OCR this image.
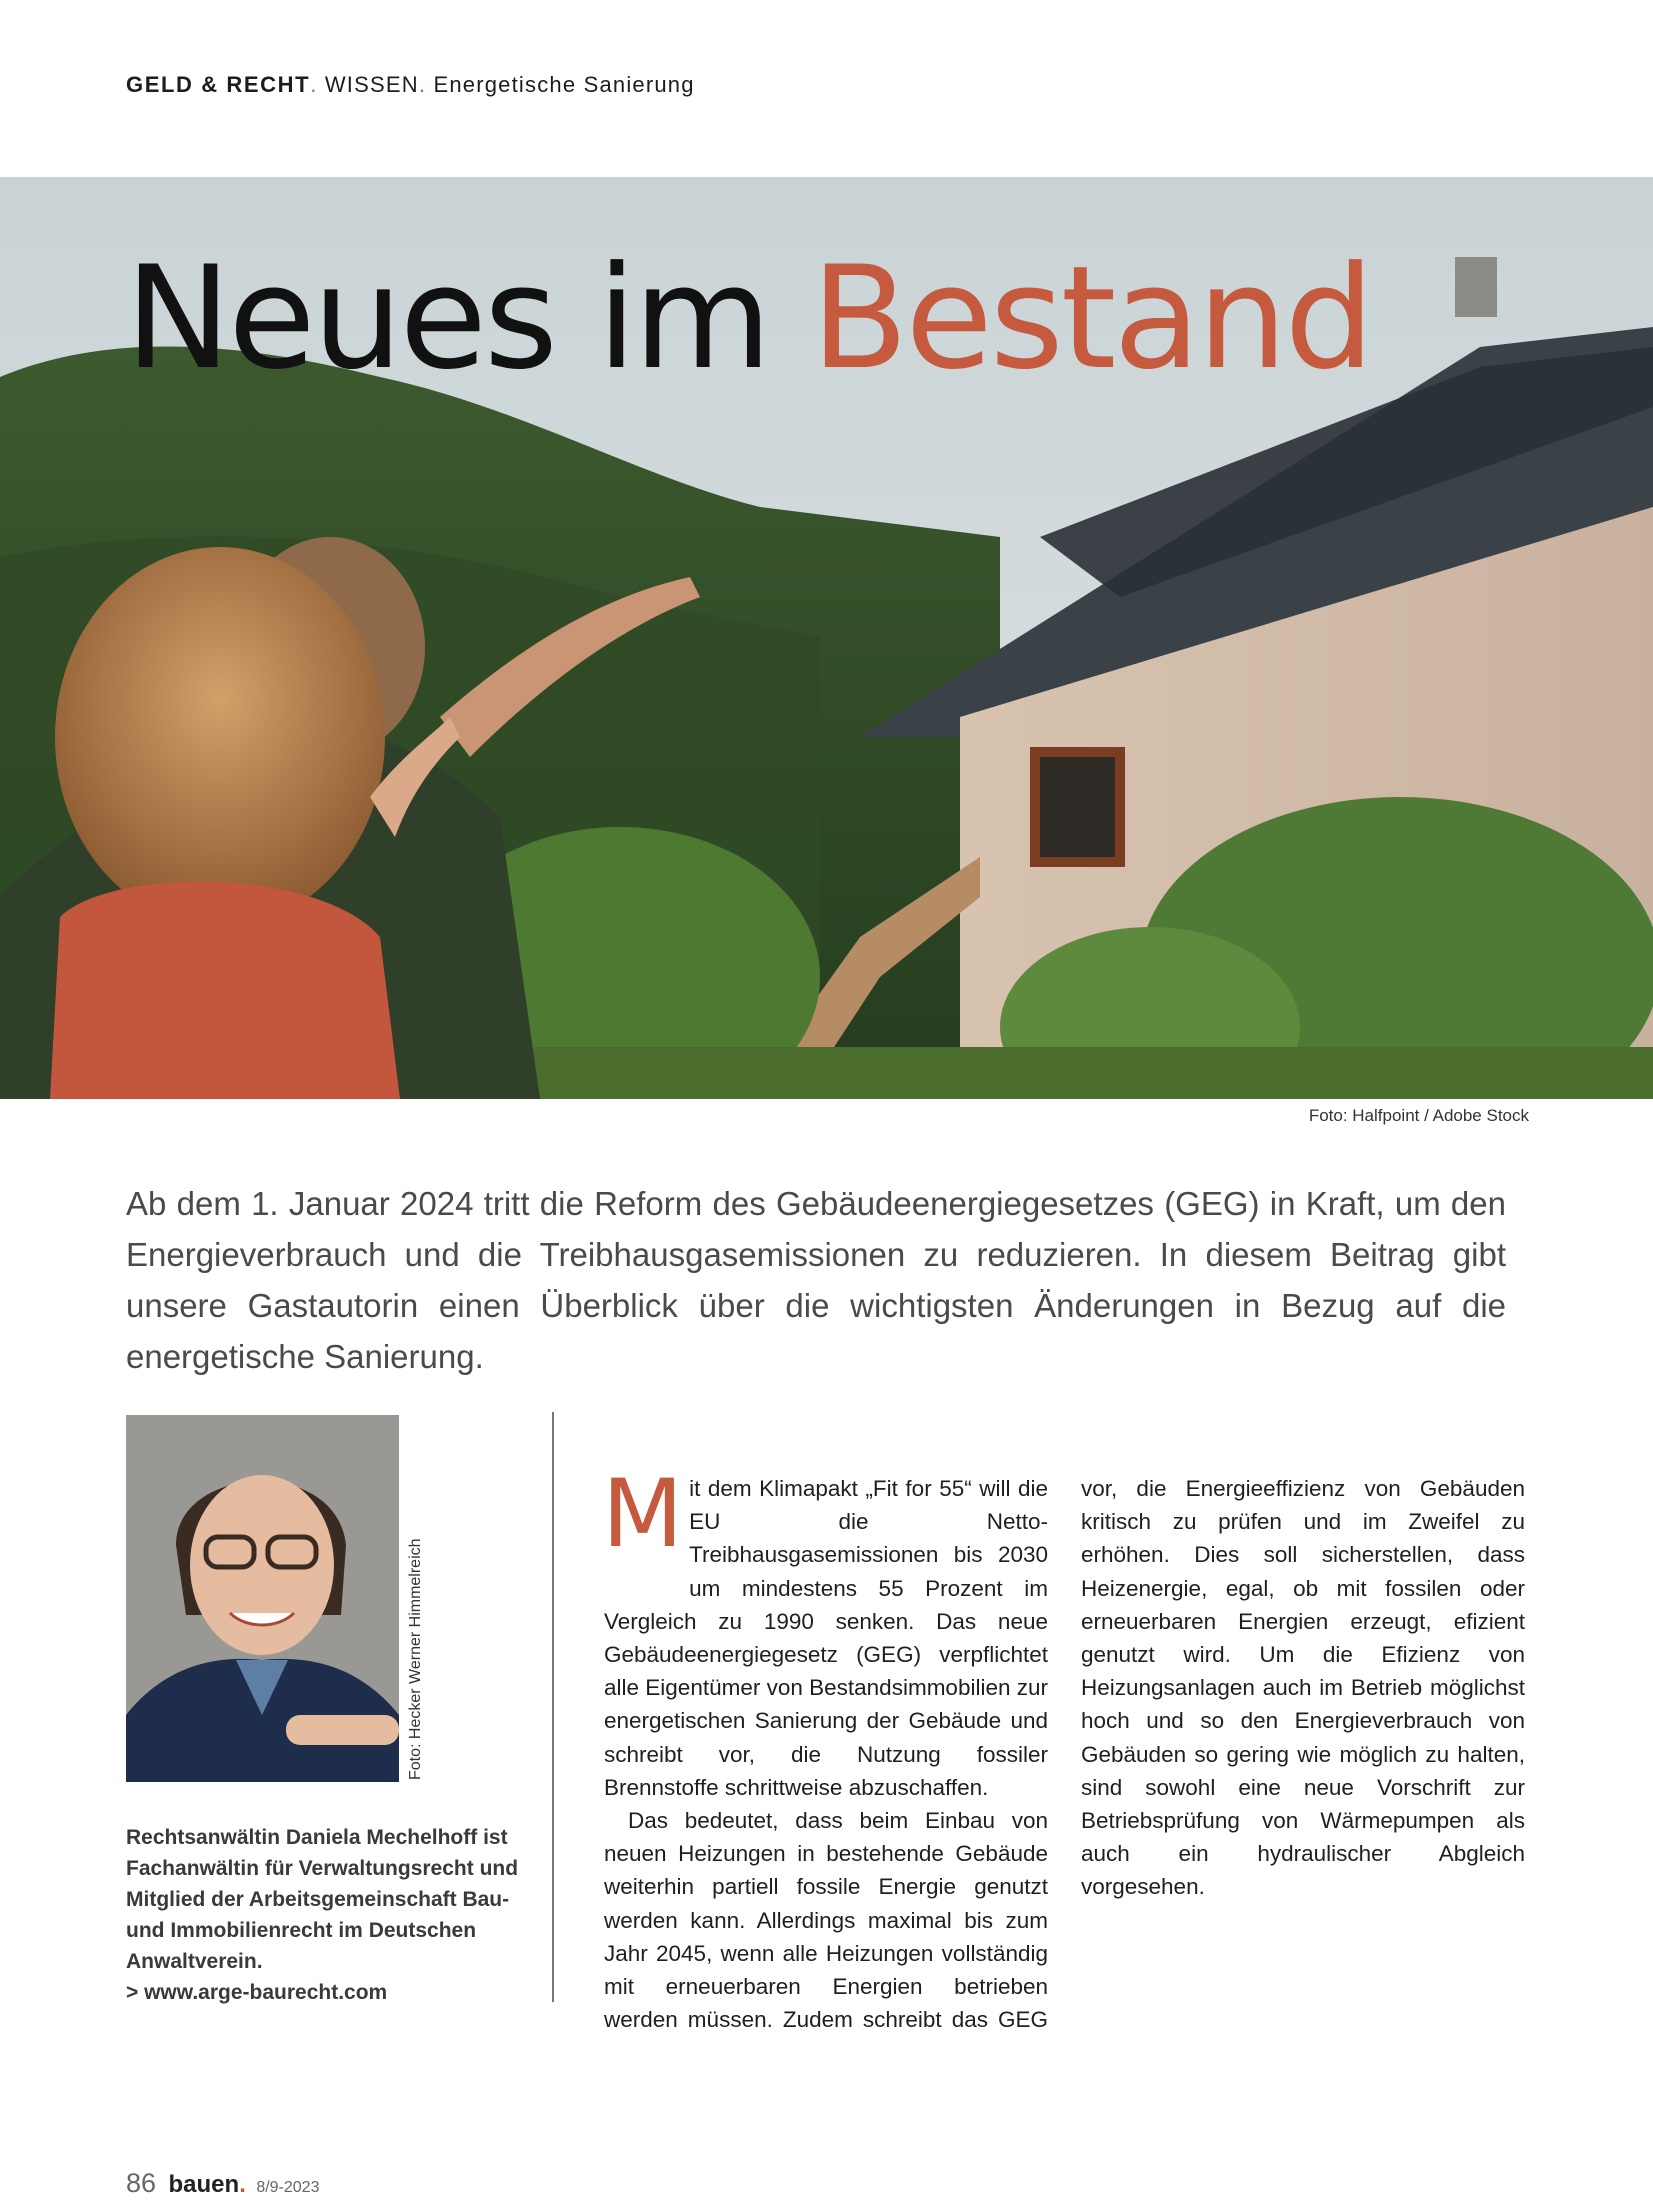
GELD & RECHT. WISSEN. Energetische Sanierung
Neues im Bestand
Foto: Halfpoint / Adobe Stock
Ab dem 1. Januar 2024 tritt die Reform des Gebäudeenergiegesetzes (GEG) in Kraft, um den Energieverbrauch und die Treibhausgasemissionen zu reduzieren. In diesem Beitrag gibt unsere Gastautorin einen Überblick über die wichtigsten Änderungen in Bezug auf die energetische Sanierung.
Foto: Hecker Werner Himmelreich
Rechtsanwältin Daniela Mechelhoff ist Fachanwältin für Verwaltungsrecht und Mitglied der Arbeitsgemeinschaft Bau- und Immobilienrecht im Deutschen Anwaltverein.
> www.arge-baurecht.com

Mit dem Klimapakt „Fit for 55“ will die EU die Netto-Treibhausgasemissionen bis 2030 um mindestens 55 Prozent im Vergleich zu 1990 senken. Das neue Gebäudeenergiegesetz (GEG) verpflichtet alle Eigentümer von Bestandsimmobilien zur energetischen Sanierung der Gebäude und schreibt vor, die Nutzung fossiler Brennstoffe schrittweise abzuschaffen.

Das bedeutet, dass beim Einbau von neuen Heizungen in bestehende Gebäude weiterhin partiell fossile Energie genutzt werden kann. Allerdings maximal bis zum Jahr 2045, wenn alle Heizungen vollständig mit erneuerbaren Energien betrieben werden müssen. Zudem schreibt das GEG vor, die Energieeffizienz von Gebäuden kritisch zu prüfen und im Zweifel zu erhöhen. Dies soll sicherstellen, dass Heizenergie, egal, ob mit fossilen oder erneuerbaren Energien erzeugt, efizient genutzt wird. Um die Efizienz von Heizungsanlagen auch im Betrieb möglichst hoch und so den Energieverbrauch von Gebäuden so gering wie möglich zu halten, sind sowohl eine neue Vorschrift zur Betriebsprüfung von Wärmepumpen als auch ein hydraulischer Abgleich vorgesehen.

86 bauen. 8/9-2023
